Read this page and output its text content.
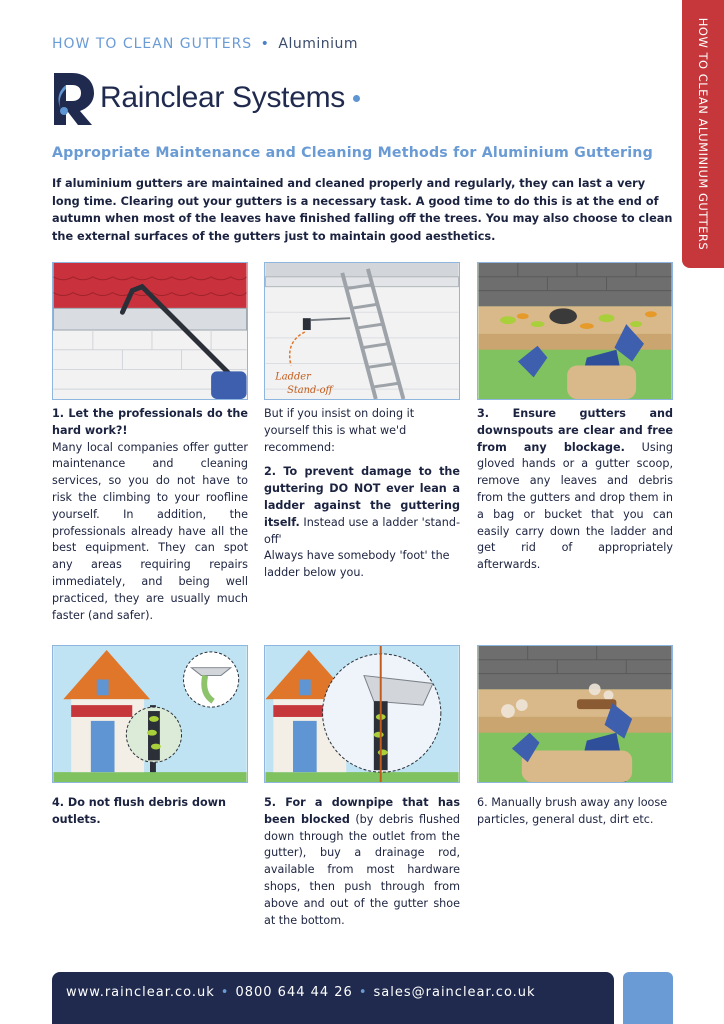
HOW TO CLEAN GUTTERS • Aluminium	HOW TO CLEAN ALUMINIUM GUTTERS
Rainclear Systems
Appropriate Maintenance and Cleaning Methods for Aluminium Guttering
If aluminium gutters are maintained and cleaned properly and regularly, they can last a very long time. Clearing out your gutters is a necessary task. A good time to do this is at the end of autumn when most of the leaves have finished falling off the trees. You may also choose to clean the external surfaces of the gutters just to maintain good aesthetics.
Ladder
Stand-off
1. Let the professionals do the hard work?!
Many local companies offer gutter maintenance and cleaning services, so you do not have to risk the climbing to your roofline yourself. In addition, the professionals already have all the best equipment. They can spot any areas requiring repairs immediately, and being well practiced, they are usually much faster (and safer).
But if you insist on doing it yourself this is what we'd recommend:
2. To prevent damage to the guttering DO NOT ever lean a ladder against the guttering itself. Instead use a ladder 'stand-off'
Always have somebody 'foot' the ladder below you.
3. Ensure gutters and downspouts are clear and free from any blockage. Using gloved hands or a gutter scoop, remove any leaves and debris from the gutters and drop them in a bag or bucket that you can easily carry down the ladder and get rid of appropriately afterwards.
4. Do not flush debris down outlets.
5. For a downpipe that has been blocked (by debris flushed down through the outlet from the gutter), buy a drainage rod, available from most hardware shops, then push through from above and out of the gutter shoe at the bottom.
6. Manually brush away any loose particles, general dust, dirt etc.
www.rainclear.co.uk • 0800 644 44 26 • sales@rainclear.co.uk
